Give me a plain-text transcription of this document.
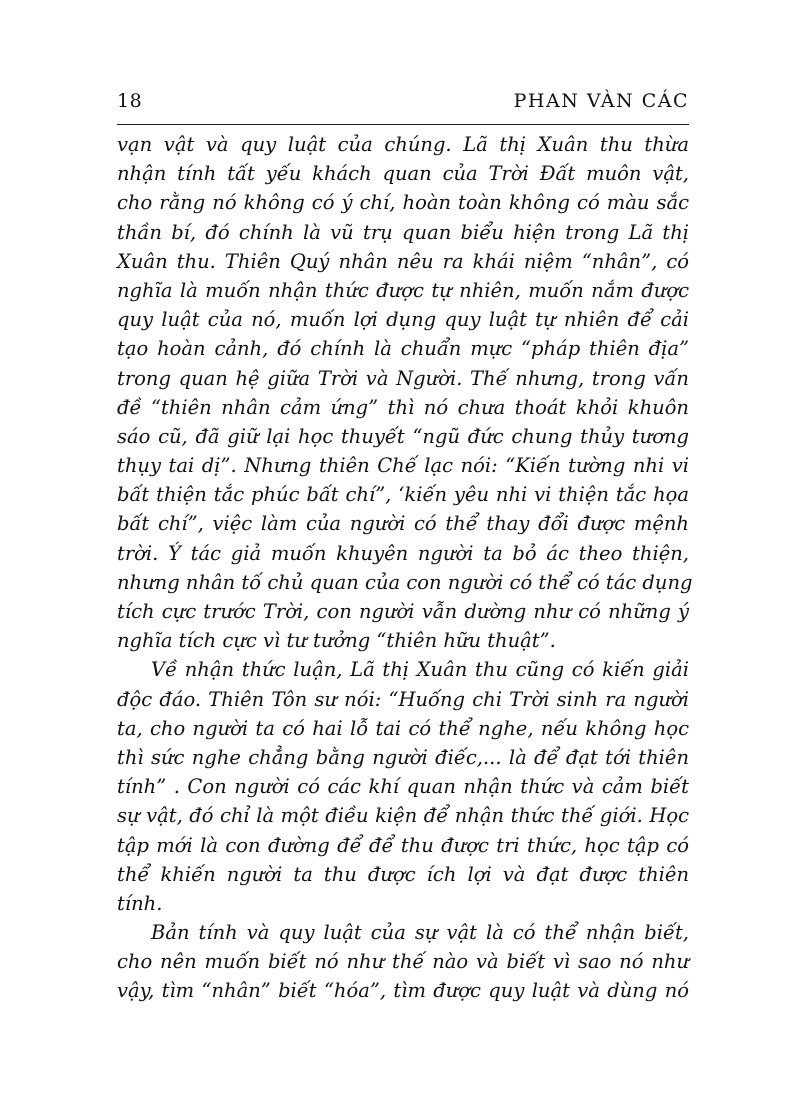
18	PHAN VÀN CÁC
vạn vật và quy luật của chúng. Lã thị Xuân thu thừa
nhận tính tất yếu khách quan của Trời Đất muôn vật,
cho rằng nó không có ý chí, hoàn toàn không có màu sắc
thần bí, đó chính là vũ trụ quan biểu hiện trong Lã thị
Xuân thu. Thiên Quý nhân nêu ra khái niệm “nhân”, có
nghĩa là muốn nhận thức được tự nhiên, muốn nắm được
quy luật của nó, muốn lợi dụng quy luật tự nhiên để cải
tạo hoàn cảnh, đó chính là chuẩn mực “pháp thiên địa”
trong quan hệ giữa Trời và Người. Thế nhưng, trong vấn
đề “thiên nhân cảm ứng” thì nó chưa thoát khỏi khuôn
sáo cũ, đã giữ lại học thuyết “ngũ đức chung thủy tương
thụy tai dị”. Nhưng thiên Chế lạc nói: “Kiến tường nhi vi
bất thiện tắc phúc bất chí”, ‘kiến yêu nhi vi thiện tắc họa
bất chí”, việc làm của người có thể thay đổi được mệnh
trời. Ý tác giả muốn khuyên người ta bỏ ác theo thiện,
nhưng nhân tố chủ quan của con người có thể có tác dụng
tích cực trước Trời, con người vẫn dường như có những ý
nghĩa tích cực vì tư tưởng “thiên hữu thuật”.
Về nhận thức luận, Lã thị Xuân thu cũng có kiến giải
độc đáo. Thiên Tôn sư nói: “Huống chi Trời sinh ra người
ta, cho người ta có hai lỗ tai có thể nghe, nếu không học
thì sức nghe chẳng bằng người điếc,... là để đạt tới thiên
tính” . Con người có các khí quan nhận thức và cảm biết
sự vật, đó chỉ là một điều kiện để nhận thức thế giới. Học
tập mới là con đường để để thu được tri thức, học tập có
thể khiến người ta thu được ích lợi và đạt được thiên
tính.
Bản tính và quy luật của sự vật là có thể nhận biết,
cho nên muốn biết nó như thế nào và biết vì sao nó như
vậy, tìm “nhân” biết “hóa”, tìm được quy luật và dùng nó
